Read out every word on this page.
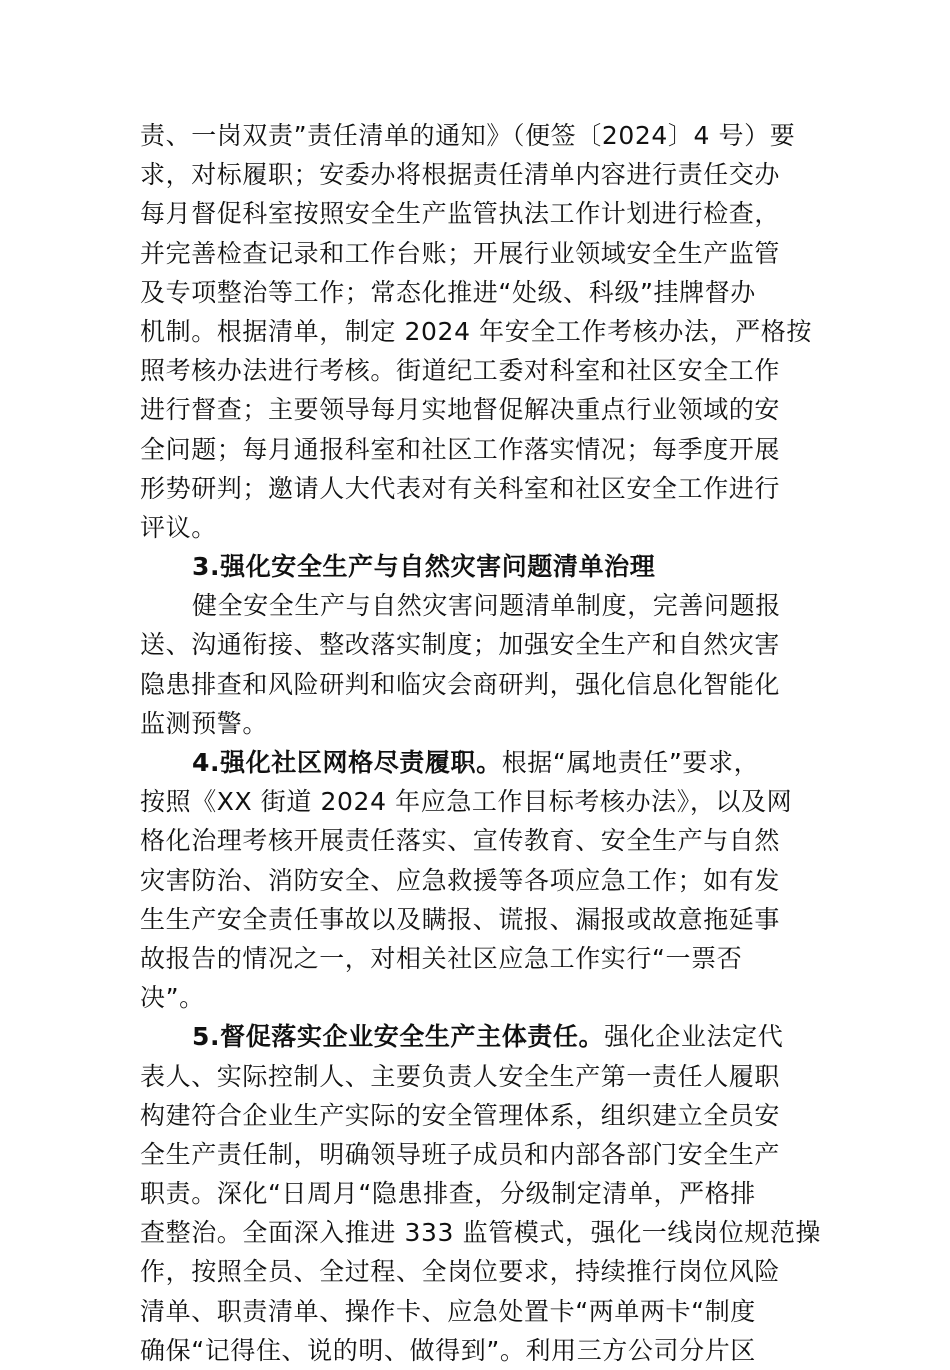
责、一岗双责”责任清单的通知》（便签〔2024〕4 号）要
求，对标履职；安委办将根据责任清单内容进行责任交办
每月督促科室按照安全生产监管执法工作计划进行检查，
并完善检查记录和工作台账；开展行业领域安全生产监管
及专项整治等工作；常态化推进“处级、科级”挂牌督办
机制。根据清单，制定 2024 年安全工作考核办法，严格按
照考核办法进行考核。街道纪工委对科室和社区安全工作
进行督查；主要领导每月实地督促解决重点行业领域的安
全问题；每月通报科室和社区工作落实情况；每季度开展
形势研判；邀请人大代表对有关科室和社区安全工作进行
评议。
3.强化安全生产与自然灾害问题清单治理
健全安全生产与自然灾害问题清单制度，完善问题报
送、沟通衔接、整改落实制度；加强安全生产和自然灾害
隐患排查和风险研判和临灾会商研判，强化信息化智能化
监测预警。
4.强化社区网格尽责履职。根据“属地责任”要求，
按照《XX 街道 2024 年应急工作目标考核办法》，以及网
格化治理考核开展责任落实、宣传教育、安全生产与自然
灾害防治、消防安全、应急救援等各项应急工作；如有发
生生产安全责任事故以及瞒报、谎报、漏报或故意拖延事
故报告的情况之一，对相关社区应急工作实行“一票否
决”。
5.督促落实企业安全生产主体责任。强化企业法定代
表人、实际控制人、主要负责人安全生产第一责任人履职
构建符合企业生产实际的安全管理体系，组织建立全员安
全生产责任制，明确领导班子成员和内部各部门安全生产
职责。深化“日周月“隐患排查，分级制定清单，严格排
查整治。全面深入推进 333 监管模式，强化一线岗位规范操
作，按照全员、全过程、全岗位要求，持续推行岗位风险
清单、职责清单、操作卡、应急处置卡“两单两卡“制度
确保“记得住、说的明、做得到”。利用三方公司分片区
